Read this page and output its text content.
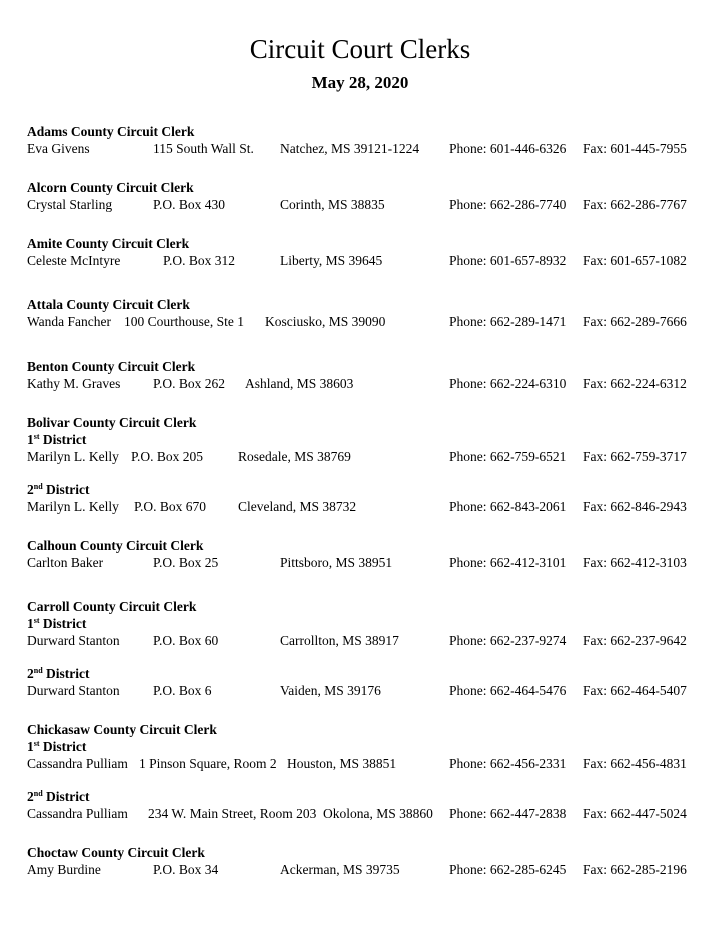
Circuit Court Clerks
May 28, 2020
Adams County Circuit Clerk
Eva Givens	115 South Wall St. Natchez, MS 39121-1224 Phone: 601-446-6326 Fax: 601-445-7955
Alcorn County Circuit Clerk
Crystal Starling	P.O. Box 430	Corinth, MS 38835	Phone: 662-286-7740 Fax: 662-286-7767
Amite County Circuit Clerk
Celeste McIntyre	P.O. Box 312	Liberty, MS 39645	Phone: 601-657-8932 Fax: 601-657-1082
Attala County Circuit Clerk
Wanda Fancher 100 Courthouse, Ste 1 Kosciusko, MS 39090	Phone: 662-289-1471 Fax: 662-289-7666
Benton County Circuit Clerk
Kathy M. Graves P.O. Box 262 Ashland, MS 38603	Phone: 662-224-6310 Fax: 662-224-6312
Bolivar County Circuit Clerk
1st District
Marilyn L. Kelly P.O. Box 205	Rosedale, MS 38769	Phone: 662-759-6521 Fax: 662-759-3717
2nd District
Marilyn L. Kelly P.O. Box 670 Cleveland, MS 38732	Phone: 662-843-2061 Fax: 662-846-2943
Calhoun County Circuit Clerk
Carlton Baker	P.O. Box 25	Pittsboro, MS 38951	Phone: 662-412-3101 Fax: 662-412-3103
Carroll County Circuit Clerk
1st District
Durward Stanton P.O. Box 60	Carrollton, MS 38917	Phone: 662-237-9274 Fax: 662-237-9642
2nd District
Durward Stanton P.O. Box 6	Vaiden, MS 39176	Phone: 662-464-5476 Fax: 662-464-5407
Chickasaw County Circuit Clerk
1st District
Cassandra Pulliam 1 Pinson Square, Room 2 Houston, MS 38851	Phone: 662-456-2331 Fax: 662-456-4831
2nd District
Cassandra Pulliam 234 W. Main Street, Room 203 Okolona, MS 38860 Phone: 662-447-2838 Fax: 662-447-5024
Choctaw County Circuit Clerk
Amy Burdine	P.O. Box 34	Ackerman, MS 39735	Phone: 662-285-6245 Fax: 662-285-2196
